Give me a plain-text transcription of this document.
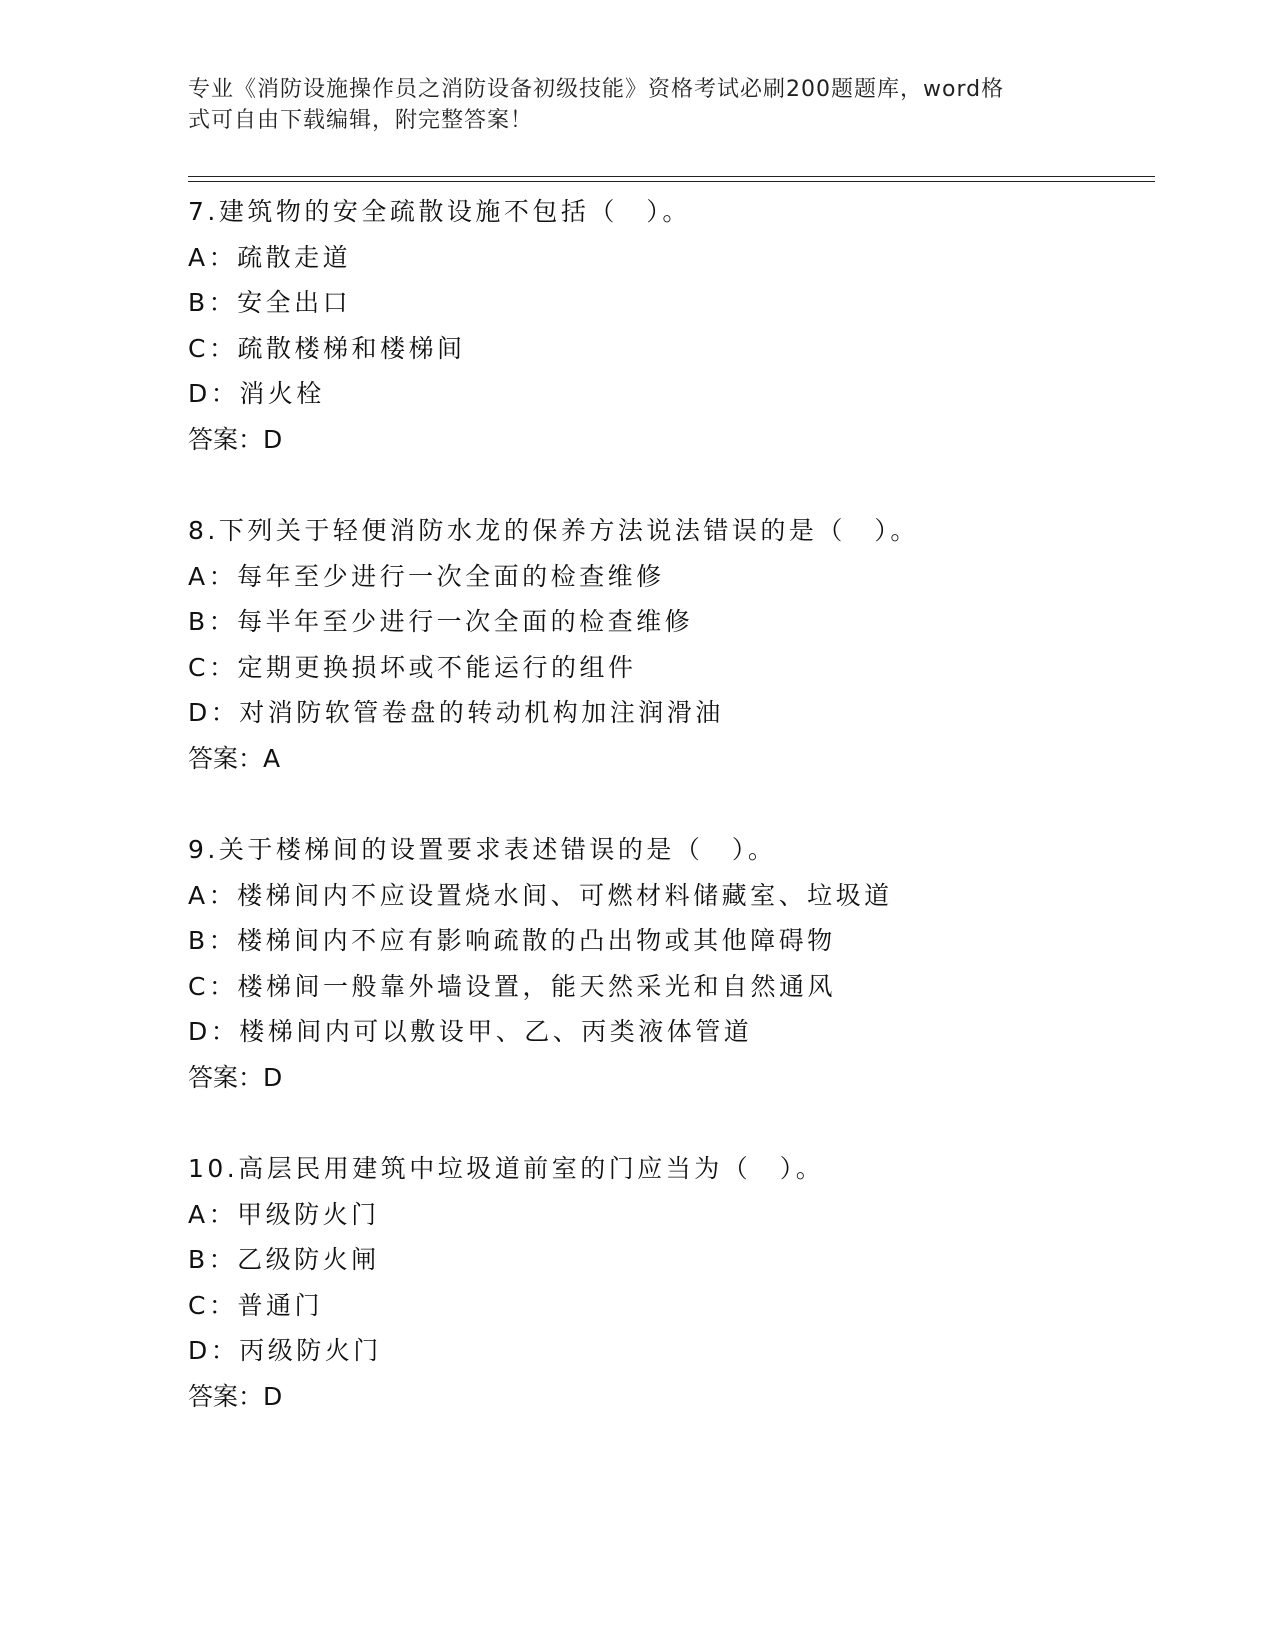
专业《消防设施操作员之消防设备初级技能》资格考试必刷200题题库，word格
式可自由下载编辑，附完整答案！
7.建筑物的安全疏散设施不包括（　）。
A：疏散走道
B：安全出口
C：疏散楼梯和楼梯间
D：消火栓
答案：D
8.下列关于轻便消防水龙的保养方法说法错误的是（　）。
A：每年至少进行一次全面的检查维修
B：每半年至少进行一次全面的检查维修
C：定期更换损坏或不能运行的组件
D：对消防软管卷盘的转动机构加注润滑油
答案：A
9.关于楼梯间的设置要求表述错误的是（　）。
A：楼梯间内不应设置烧水间、可燃材料储藏室、垃圾道
B：楼梯间内不应有影响疏散的凸出物或其他障碍物
C：楼梯间一般靠外墙设置，能天然采光和自然通风
D：楼梯间内可以敷设甲、乙、丙类液体管道
答案：D
10.高层民用建筑中垃圾道前室的门应当为（　）。
A：甲级防火门
B：乙级防火闸
C：普通门
D：丙级防火门
答案：D
